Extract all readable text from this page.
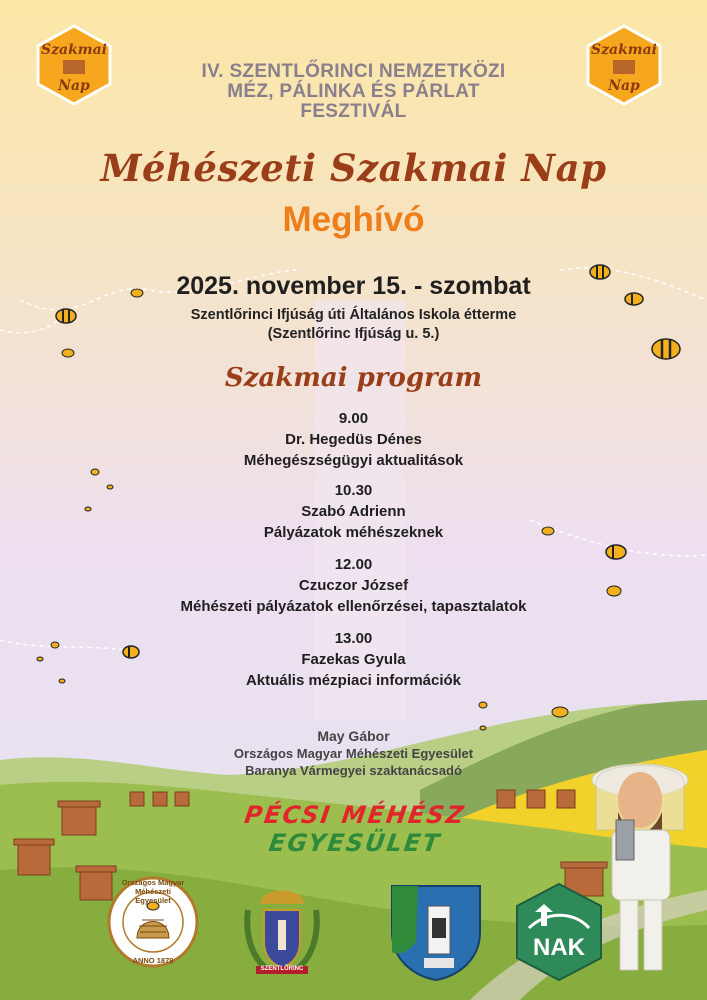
Szakmai
Nap
Szakmai
Nap
IV. SZENTLŐRINCI NEMZETKÖZI
MÉZ, PÁLINKA ÉS PÁRLAT
FESZTIVÁL
Méhészeti Szakmai Nap
Meghívó
2025. november 15. - szombat
Szentlőrinci Ifjúság úti Általános Iskola étterme
(Szentlőrinc Ifjúság u. 5.)
Szakmai program
9.00
Dr. Hegedüs Dénes
Méhegészségügyi aktualitások
10.30
Szabó Adrienn
Pályázatok méhészeknek
12.00
Czuczor József
Méhészeti pályázatok ellenőrzései, tapasztalatok
13.00
Fazekas Gyula
Aktuális mézpiaci információk
May Gábor
Országos Magyar Méhészeti Egyesület
Baranya Vármegyei szaktanácsadó
PÉCSI MÉHÉSZ
EGYESÜLET
Országos Magyar Méhészeti Egyesület
ANNO 1879
SZENTLŐRINC
NAK
